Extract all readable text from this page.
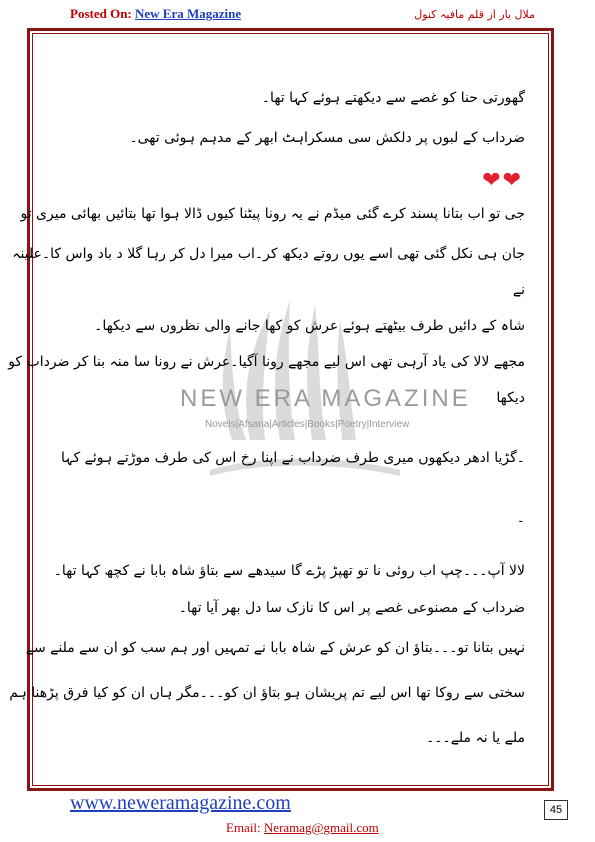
Posted On: New Era Magazine	ملال یار از قلم مافیہ کنول
NEW ERA MAGAZINE
Novels|Afsana|Articles|Books|Poetry|Interview
گھورتی حنا کو غصے سے دیکھتے ہوئے کہا تھا۔
ضرداب کے لبوں پر دلکش سی مسکراہٹ ابھر کے مدہم ہوئی تھی۔
جی تو اب بتانا پسند کرے گئی میڈم نے یہ رونا پیٹنا کیوں ڈالا ہوا تھا بتائیں بھائی میری تو
جان ہی نکل گئی تھی اسے یوں روتے دیکھ کر۔اب میرا دل کر رہا گلا د باد واس کا۔علینہ
نے
شاہ کے دائیں طرف بیٹھتے ہوئے عرش کو کھا جانے والی نظروں سے دیکھا۔
مجھے لالا کی یاد آرہی تھی اس لیے مجھے رونا آگیا۔عرش نے رونا سا منہ بنا کر ضرداب کو
دیکھا
۔گڑیا ادھر دیکھوں میری طرف ضرداب نے اپنا رخ اس کی طرف موڑتے ہوئے کہا
۔
لالا آپ۔۔۔چپ اب روئی نا تو تھپڑ پڑے گا سیدھے سے بتاؤ شاہ بابا نے کچھ کہا تھا۔
ضرداب کے مصنوعی غصے پر اس کا نازک سا دل بھر آیا تھا۔
نہیں بتانا تو۔۔۔بتاؤ ان کو عرش کے شاہ بابا نے تمہیں اور ہم سب کو ان سے ملنے سے
سختی سے روکا تھا اس لیے تم پریشان ہو بتاؤ ان کو۔۔۔مگر ہاں ان کو کیا فرق پڑھنا ہم
ملے یا نہ ملے۔۔۔
❤❤
www.neweramagazine.com	45
Email: Neramag@gmail.com
